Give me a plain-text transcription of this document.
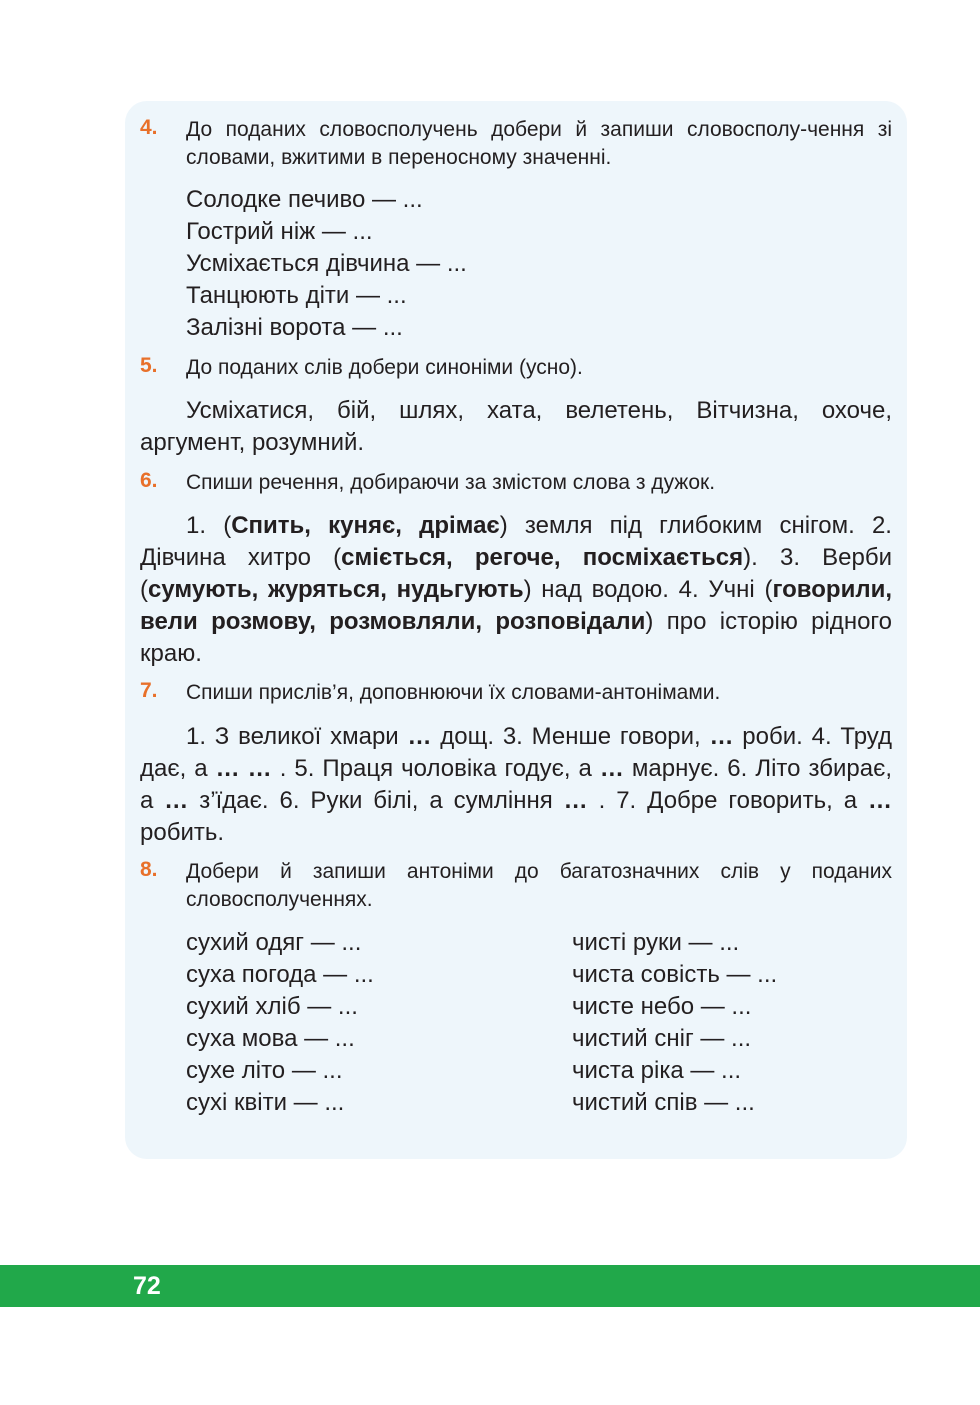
4. До поданих словосполучень добери й запиши словосполу-чення зі словами, вжитими в переносному значенні.
Солодке печиво — ...
Гострий ніж — ...
Усміхається дівчина — ...
Танцюють діти — ...
Залізні ворота — ...
5. До поданих слів добери синоніми (усно).
Усміхатися, бій, шлях, хата, велетень, Вітчизна, охоче, аргумент, розумний.
6. Спиши речення, добираючи за змістом слова з дужок.
1. (Спить, куняє, дрімає) земля під глибоким снігом. 2. Дівчина хитро (сміється, регоче, посміхається). 3. Верби (сумують, журяться, нудьгують) над водою. 4. Учні (говорили, вели розмову, розмовляли, розповідали) про історію рідного краю.
7. Спиши прислів’я, доповнюючи їх словами-антонімами.
1. З великої хмари … дощ. 3. Менше говори, … роби. 4. Труд дає, а … … . 5. Праця чоловіка годує, а … марнує. 6. Літо збирає, а … з’їдає. 6. Руки білі, а сумління … . 7. Добре говорить, а … робить.
8. Добери й запиши антоніми до багатозначних слів у поданих словосполученнях.
сухий одяг — ...
суха погода — ...
сухий хліб — ...
суха мова — ...
сухе літо — ...
сухі квіти — ...
чисті руки — ...
чиста совість — ...
чисте небо — ...
чистий сніг — ...
чиста ріка — ...
чистий спів — ...
72
